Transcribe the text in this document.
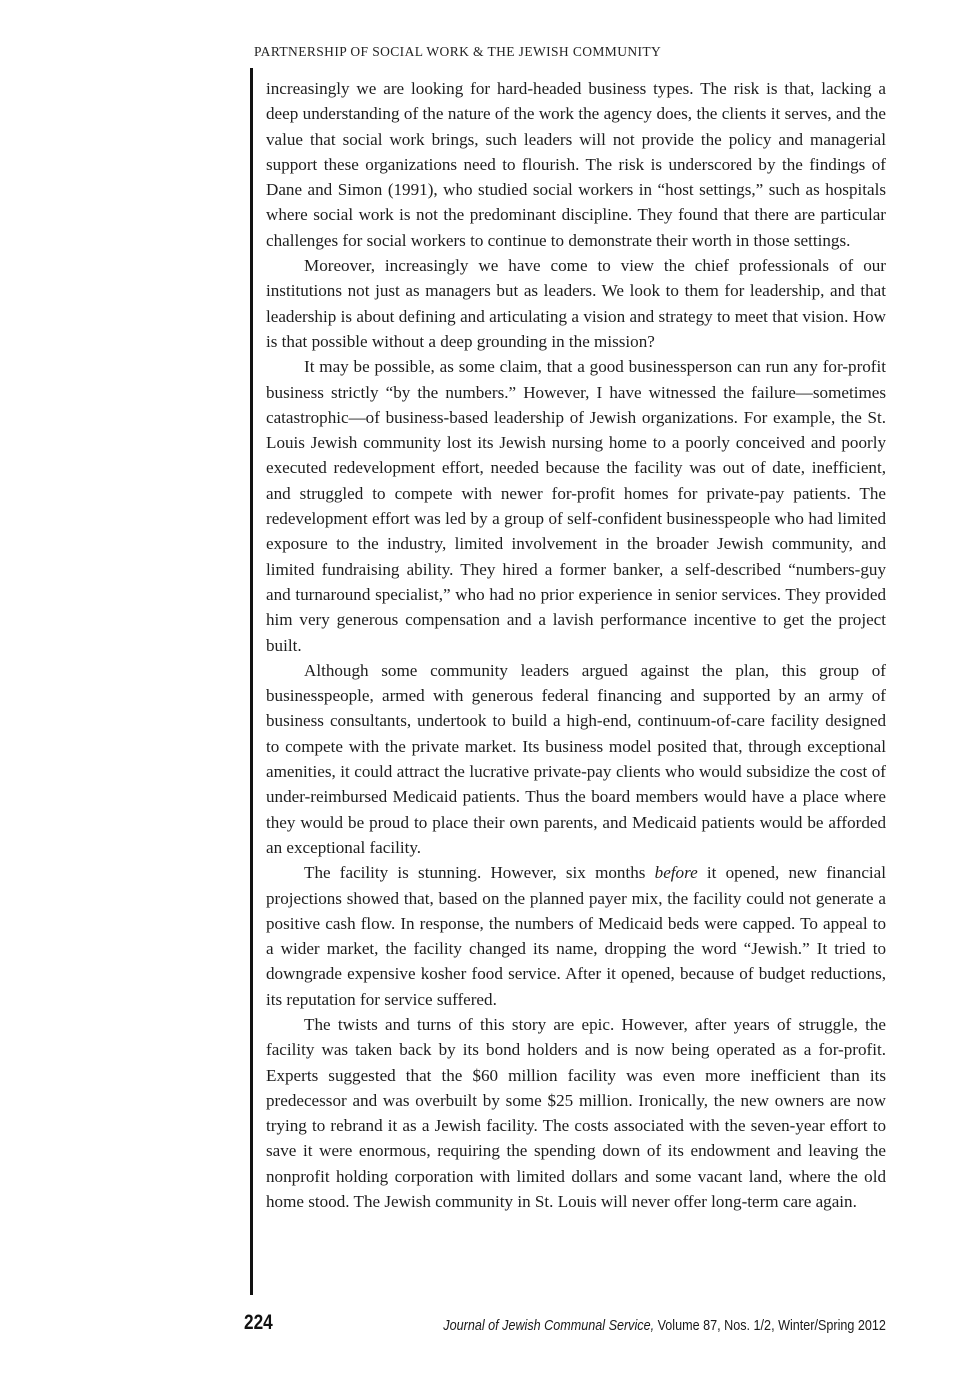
PARTNERSHIP OF SOCIAL WORK & THE JEWISH COMMUNITY

increasingly we are looking for hard-headed business types. The risk is that, lacking a deep understanding of the nature of the work the agency does, the clients it serves, and the value that social work brings, such leaders will not provide the policy and managerial support these organizations need to flourish. The risk is underscored by the findings of Dane and Simon (1991), who studied social workers in “host settings,” such as hospitals where social work is not the predominant discipline. They found that there are particular challenges for social workers to continue to demonstrate their worth in those settings.

Moreover, increasingly we have come to view the chief professionals of our institutions not just as managers but as leaders. We look to them for leadership, and that leadership is about defining and articulating a vision and strategy to meet that vision. How is that possible without a deep grounding in the mission?

It may be possible, as some claim, that a good businessperson can run any for-profit business strictly “by the numbers.” However, I have witnessed the failure—sometimes catastrophic—of business-based leadership of Jewish organizations. For example, the St. Louis Jewish community lost its Jewish nursing home to a poorly conceived and poorly executed redevelopment effort, needed because the facility was out of date, inefficient, and struggled to compete with newer for-profit homes for private-pay patients. The redevelopment effort was led by a group of self-confident businesspeople who had limited exposure to the industry, limited involvement in the broader Jewish community, and limited fundraising ability. They hired a former banker, a self-described “numbers-guy and turnaround specialist,” who had no prior experience in senior services. They provided him very generous compensation and a lavish performance incentive to get the project built.

Although some community leaders argued against the plan, this group of businesspeople, armed with generous federal financing and supported by an army of business consultants, undertook to build a high-end, continuum-of-care facility designed to compete with the private market. Its business model posited that, through exceptional amenities, it could attract the lucrative private-pay clients who would subsidize the cost of under-reimbursed Medicaid patients. Thus the board members would have a place where they would be proud to place their own parents, and Medicaid patients would be afforded an exceptional facility.

The facility is stunning. However, six months before it opened, new financial projections showed that, based on the planned payer mix, the facility could not generate a positive cash flow. In response, the numbers of Medicaid beds were capped. To appeal to a wider market, the facility changed its name, dropping the word “Jewish.” It tried to downgrade expensive kosher food service. After it opened, because of budget reductions, its reputation for service suffered.

The twists and turns of this story are epic. However, after years of struggle, the facility was taken back by its bond holders and is now being operated as a for-profit. Experts suggested that the $60 million facility was even more inefficient than its predecessor and was overbuilt by some $25 million. Ironically, the new owners are now trying to rebrand it as a Jewish facility. The costs associated with the seven-year effort to save it were enormous, requiring the spending down of its endowment and leaving the nonprofit holding corporation with limited dollars and some vacant land, where the old home stood. The Jewish community in St. Louis will never offer long-term care again.

224	Journal of Jewish Communal Service, Volume 87, Nos. 1/2, Winter/Spring 2012
